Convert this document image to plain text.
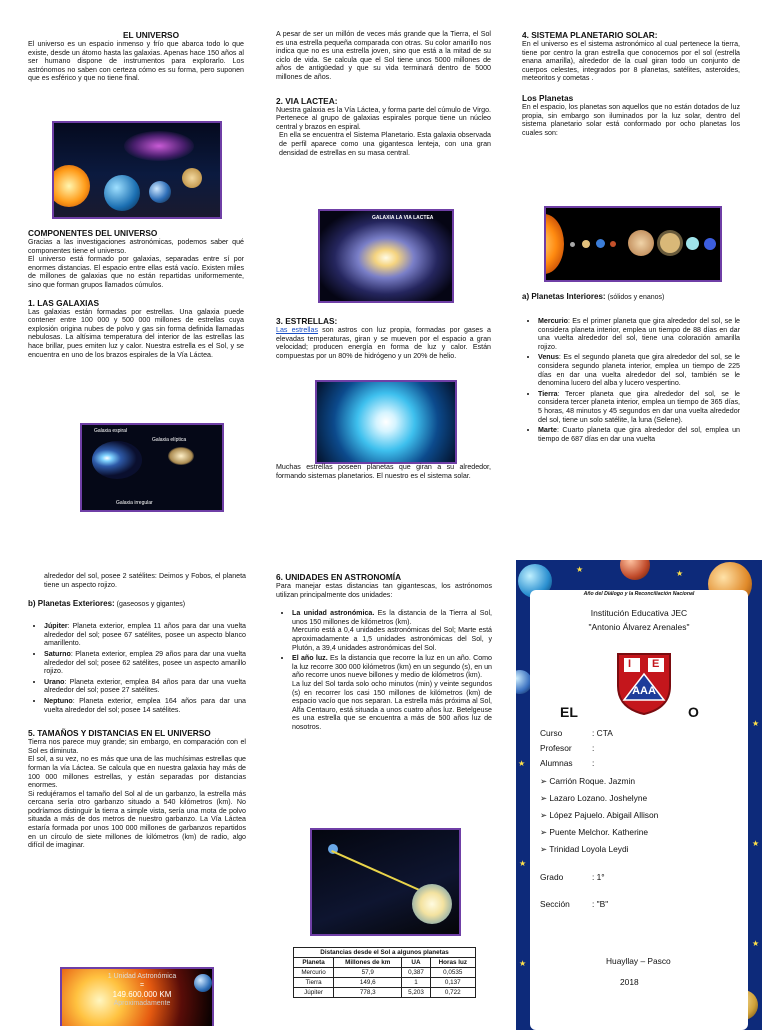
EL UNIVERSO

El universo es un espacio inmenso y frío que abarca todo lo que existe, desde un átomo hasta las galaxias. Apenas hace 150 años al ser humano dispone de instrumentos para explorarlo. Los astrónomos no saben con certeza cómo es su forma, pero suponen que es esférico y que no tiene final.

COMPONENTES DEL UNIVERSO

Gracias a las investigaciones astronómicas, podemos saber qué componentes tiene el universo.

El universo está formado por galaxias, separadas entre sí por enormes distancias. El espacio entre ellas está vacío. Existen miles de millones de galaxias que no están repartidas uniformemente, sino que forman grupos llamados cúmulos.

1. LAS GALAXIAS

Las galaxias están formadas por estrellas. Una galaxia puede contener entre 100 000 y 500 000 millones de estrellas cuya explosión origina nubes de polvo y gas sin forma definida llamadas nebulosas. La altísima temperatura del interior de las estrellas las hace brillar, pues emiten luz y calor. Nuestra estrella es el Sol, y se encuentra en uno de los brazos espirales de la Vía Láctea.

Galaxia espiral
Galaxia elíptica
Galaxia irregular

A pesar de ser un millón de veces más grande que la Tierra, el Sol es una estrella pequeña comparada con otras. Su color amarillo nos indica que no es una estrella joven, sino que está a la mitad de su ciclo de vida. Se calcula que el Sol tiene unos 5000 millones de años de antigüedad y que su vida terminará dentro de 5000 millones de años.

2. VIA LACTEA:

Nuestra galaxia es la Vía Láctea, y forma parte del cúmulo de Virgo. Pertenece al grupo de galaxias espirales porque tiene un núcleo central y brazos en espiral.

En ella se encuentra el Sistema Planetario. Esta galaxia observada de perfil aparece como una gigantesca lenteja, con una gran densidad de estrellas en su masa central.

GALAXIA LA VIA LACTEA
3. ESTRELLAS:

Las estrellas son astros con luz propia, formadas por gases a elevadas temperaturas, giran y se mueven por el espacio a gran velocidad; producen energía en forma de luz y calor. Están compuestas por un 80% de hidrógeno y un 20% de helio.

Muchas estrellas poseen planetas que giran a su alrededor, formando sistemas planetarios. El nuestro es el sistema solar.

4. SISTEMA PLANETARIO SOLAR:

En el universo es el sistema astronómico al cual pertenece la tierra, tiene por centro la gran estrella que conocemos por el sol (estrella enana amarilla), alrededor de la cual giran todo un conjunto de cuerpos celestes, integrados por 8 planetas, satélites, asteroides, meteoritos y cometas .

Los Planetas

En el espacio, los planetas son aquellos que no están dotados de luz propia, sin embargo son iluminados por la luz solar, dentro del sistema planetario solar está conformado por ocho planetas los cuales son:

a) Planetas Interiores: (sólidos y enanos)

• Mercurio: Es el primer planeta que gira alrededor del sol, se le considera planeta interior, emplea un tiempo de 88 días en dar una vuelta alrededor del sol, tiene una coloración amarilla rojizo.
• Venus: Es el segundo planeta que gira alrededor del sol, se le considera segundo planeta interior, emplea un tiempo de 225 días en dar una vuelta alrededor del sol, también se le denomina lucero del alba y lucero vespertino.
• Tierra: Tercer planeta que gira alrededor del sol, se le considera tercer planeta interior, emplea un tiempo de 365 días, 5 horas, 48 minutos y 45 segundos en dar una vuelta alrededor del sol, tiene un solo satélite, la luna (Selene).
• Marte: Cuarto planeta que gira alrededor del sol, emplea un tiempo de 687 días en dar una vuelta

alrededor del sol, posee 2 satélites: Deimos y Fobos, el planeta tiene un aspecto rojizo.

b) Planetas Exteriores: (gaseosos y gigantes)

• Júpiter: Planeta exterior, emplea 11 años para dar una vuelta alrededor del sol; posee 67 satélites, posee un aspecto blanco amarillento.
• Saturno: Planeta exterior, emplea 29 años para dar una vuelta alrededor del sol; posee 62 satélites, posee un aspecto amarillo rojizo.
• Urano: Planeta exterior, emplea 84 años para dar una vuelta alrededor del sol; posee 27 satélites.
• Neptuno: Planeta exterior, emplea 164 años para dar una vuelta alrededor del sol; posee 14 satélites.
5. TAMAÑOS Y DISTANCIAS EN EL UNIVERSO

Tierra nos parece muy grande; sin embargo, en comparación con el Sol es diminuta.

El sol, a su vez, no es más que una de las muchísimas estrellas que forman la vía Láctea. Se calcula que en nuestra galaxia hay más de 100 000 millones estrellas, y están separadas por distancias enormes.

Si redujéramos el tamaño del Sol al de un garbanzo, la estrella más cercana sería otro garbanzo situado a 540 kilómetros (km). No podríamos distinguir la tierra a simple vista, sería una mota de polvo situada a más de dos metros de nuestro garbanzo. La Vía Láctea estaría formada por unos 100 000 millones de garbanzos repartidos en un círculo de siete millones de kilómetros (km) de radio, algo difícil de imaginar.

1 Unidad Astronómica
=
149.600.000 KM
Aproximadamente
6. UNIDADES EN ASTRONOMÍA

Para manejar estas distancias tan gigantescas, los astrónomos utilizan principalmente dos unidades:

• La unidad astronómica. Es la distancia de la Tierra al Sol, unos 150 millones de kilómetros (km).
Mercurio está a 0,4 unidades astronómicas del Sol; Marte está aproximadamente a 1,5 unidades astronómicas del Sol, y Plutón, a 39,4 unidades astronómicas del Sol.
• El año luz. Es la distancia que recorre la luz en un año. Como la luz recorre 300 000 kilómetros (km) en un segundo (s), en un año recorre unos nueve billones y medio de kilómetros (km).
La luz del Sol tarda solo ocho minutos (min) y veinte segundos (s) en recorrer los casi 150 millones de kilómetros (km) de espacio vacío que nos separan. La estrella más próxima al Sol, Alfa Centauro, está situada a unos cuatro años luz. Betelgeuse es una estrella que se encuentra a más de 500 años luz de nosotros.
Distancias desde el Sol a algunos planetas			
Planeta	Millones de km	UA	Horas luz
Mercurio	57,9	0,387	0,0535
Tierra	149,6	1	0,137
Júpiter	778,3	5,203	0,722
★	★
★
★
★
★
★
★
Año del Diálogo y la Reconciliación Nacional
Institución Educativa JEC
"Antonio Álvarez Arenales"
I E
AAA
EL	O
Curso	: CTA
Profesor :
Alumnas :
➢ Carrión Roque. Jazmin
➢ Lazaro Lozano. Joshelyne
➢ López Pajuelo. Abigail Allison
➢ Puente Melchor. Katherine
➢ Trinidad Loyola Leydi
Grado	: 1°
Sección	: "B"
Huayllay – Pasco
2018
